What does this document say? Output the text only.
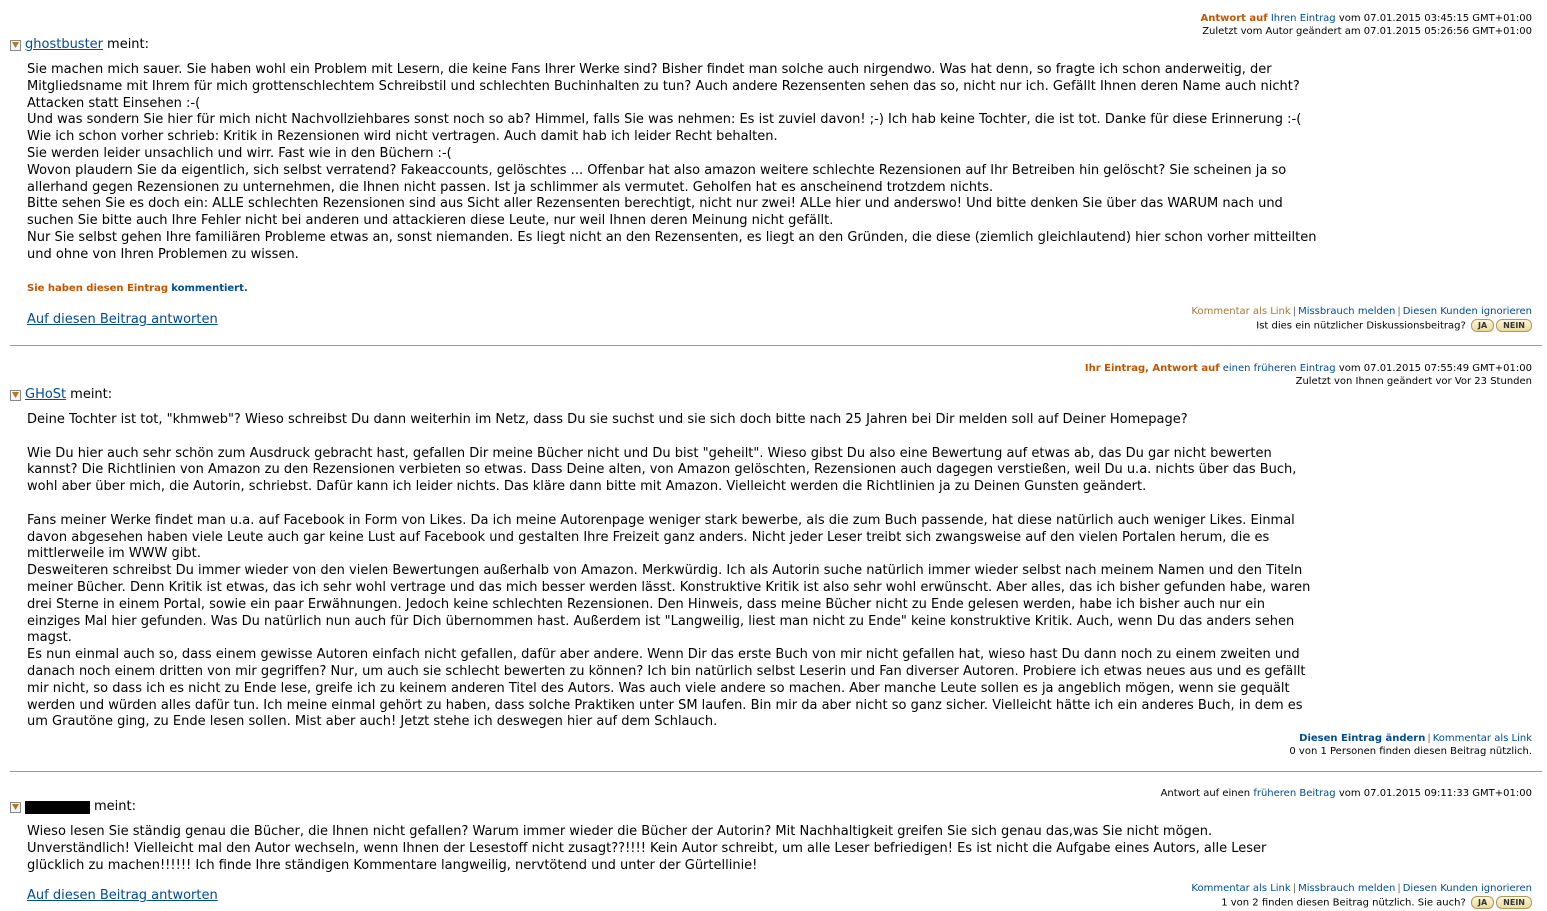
Antwort auf Ihren Eintrag vom 07.01.2015 03:45:15 GMT+01:00
Zuletzt vom Autor geändert am 07.01.2015 05:26:56 GMT+01:00
ghostbuster meint:
Sie machen mich sauer. Sie haben wohl ein Problem mit Lesern, die keine Fans Ihrer Werke sind? Bisher findet man solche auch nirgendwo. Was hat denn, so fragte ich schon anderweitig, der Mitgliedsname mit Ihrem für mich grottenschlechtem Schreibstil und schlechten Buchinhalten zu tun? Auch andere Rezensenten sehen das so, nicht nur ich. Gefällt Ihnen deren Name auch nicht? Attacken statt Einsehen :-(
Und was sondern Sie hier für mich nicht Nachvollziehbares sonst noch so ab? Himmel, falls Sie was nehmen: Es ist zuviel davon! ;-) Ich hab keine Tochter, die ist tot. Danke für diese Erinnerung :-(
Wie ich schon vorher schrieb: Kritik in Rezensionen wird nicht vertragen. Auch damit hab ich leider Recht behalten.
Sie werden leider unsachlich und wirr. Fast wie in den Büchern :-(
Wovon plaudern Sie da eigentlich, sich selbst verratend? Fakeaccounts, gelöschtes ... Offenbar hat also amazon weitere schlechte Rezensionen auf Ihr Betreiben hin gelöscht? Sie scheinen ja so allerhand gegen Rezensionen zu unternehmen, die Ihnen nicht passen. Ist ja schlimmer als vermutet. Geholfen hat es anscheinend trotzdem nichts.
Bitte sehen Sie es doch ein: ALLE schlechten Rezensionen sind aus Sicht aller Rezensenten berechtigt, nicht nur zwei! ALLe hier und anderswo! Und bitte denken Sie über das WARUM nach und suchen Sie bitte auch Ihre Fehler nicht bei anderen und attackieren diese Leute, nur weil Ihnen deren Meinung nicht gefällt.
Nur Sie selbst gehen Ihre familiären Probleme etwas an, sonst niemanden. Es liegt nicht an den Rezensenten, es liegt an den Gründen, die diese (ziemlich gleichlautend) hier schon vorher mitteilten und ohne von Ihren Problemen zu wissen.
Sie haben diesen Eintrag kommentiert.
Auf diesen Beitrag antworten
Kommentar als Link | Missbrauch melden | Diesen Kunden ignorieren
Ist dies ein nützlicher Diskussionsbeitrag? JA NEIN
Ihr Eintrag, Antwort auf einen früheren Eintrag vom 07.01.2015 07:55:49 GMT+01:00
Zuletzt von Ihnen geändert vor Vor 23 Stunden
GHoSt meint:
Deine Tochter ist tot, "khmweb"? Wieso schreibst Du dann weiterhin im Netz, dass Du sie suchst und sie sich doch bitte nach 25 Jahren bei Dir melden soll auf Deiner Homepage?

Wie Du hier auch sehr schön zum Ausdruck gebracht hast, gefallen Dir meine Bücher nicht und Du bist "geheilt". Wieso gibst Du also eine Bewertung auf etwas ab, das Du gar nicht bewerten kannst? Die Richtlinien von Amazon zu den Rezensionen verbieten so etwas. Dass Deine alten, von Amazon gelöschten, Rezensionen auch dagegen verstießen, weil Du u.a. nichts über das Buch, wohl aber über mich, die Autorin, schriebst. Dafür kann ich leider nichts. Das kläre dann bitte mit Amazon. Vielleicht werden die Richtlinien ja zu Deinen Gunsten geändert.

Fans meiner Werke findet man u.a. auf Facebook in Form von Likes. Da ich meine Autorenpage weniger stark bewerbe, als die zum Buch passende, hat diese natürlich auch weniger Likes. Einmal davon abgesehen haben viele Leute auch gar keine Lust auf Facebook und gestalten Ihre Freizeit ganz anders. Nicht jeder Leser treibt sich zwangsweise auf den vielen Portalen herum, die es mittlerweile im WWW gibt.
Desweiteren schreibst Du immer wieder von den vielen Bewertungen außerhalb von Amazon. Merkwürdig. Ich als Autorin suche natürlich immer wieder selbst nach meinem Namen und den Titeln meiner Bücher. Denn Kritik ist etwas, das ich sehr wohl vertrage und das mich besser werden lässt. Konstruktive Kritik ist also sehr wohl erwünscht. Aber alles, das ich bisher gefunden habe, waren drei Sterne in einem Portal, sowie ein paar Erwähnungen. Jedoch keine schlechten Rezensionen. Den Hinweis, dass meine Bücher nicht zu Ende gelesen werden, habe ich bisher auch nur ein einziges Mal hier gefunden. Was Du natürlich nun auch für Dich übernommen hast. Außerdem ist "Langweilig, liest man nicht zu Ende" keine konstruktive Kritik. Auch, wenn Du das anders sehen magst.
Es nun einmal auch so, dass einem gewisse Autoren einfach nicht gefallen, dafür aber andere. Wenn Dir das erste Buch von mir nicht gefallen hat, wieso hast Du dann noch zu einem zweiten und danach noch einem dritten von mir gegriffen? Nur, um auch sie schlecht bewerten zu können? Ich bin natürlich selbst Leserin und Fan diverser Autoren. Probiere ich etwas neues aus und es gefällt mir nicht, so dass ich es nicht zu Ende lese, greife ich zu keinem anderen Titel des Autors. Was auch viele andere so machen. Aber manche Leute sollen es ja angeblich mögen, wenn sie gequält werden und würden alles dafür tun. Ich meine einmal gehört zu haben, dass solche Praktiken unter SM laufen. Bin mir da aber nicht so ganz sicher. Vielleicht hätte ich ein anderes Buch, in dem es um Grautöne ging, zu Ende lesen sollen. Mist aber auch! Jetzt stehe ich deswegen hier auf dem Schlauch.
Diesen Eintrag ändern | Kommentar als Link
0 von 1 Personen finden diesen Beitrag nützlich.
Antwort auf einen früheren Beitrag vom 07.01.2015 09:11:33 GMT+01:00
meint:
Wieso lesen Sie ständig genau die Bücher, die Ihnen nicht gefallen? Warum immer wieder die Bücher der Autorin? Mit Nachhaltigkeit greifen Sie sich genau das,was Sie nicht mögen. Unverständlich! Vielleicht mal den Autor wechseln, wenn Ihnen der Lesestoff nicht zusagt??!!!! Kein Autor schreibt, um alle Leser befriedigen! Es ist nicht die Aufgabe eines Autors, alle Leser glücklich zu machen!!!!!! Ich finde Ihre ständigen Kommentare langweilig, nervtötend und unter der Gürtellinie!
Auf diesen Beitrag antworten	Kommentar als Link | Missbrauch melden | Diesen Kunden ignorieren
1 von 2 finden diesen Beitrag nützlich. Sie auch? JA NEIN
